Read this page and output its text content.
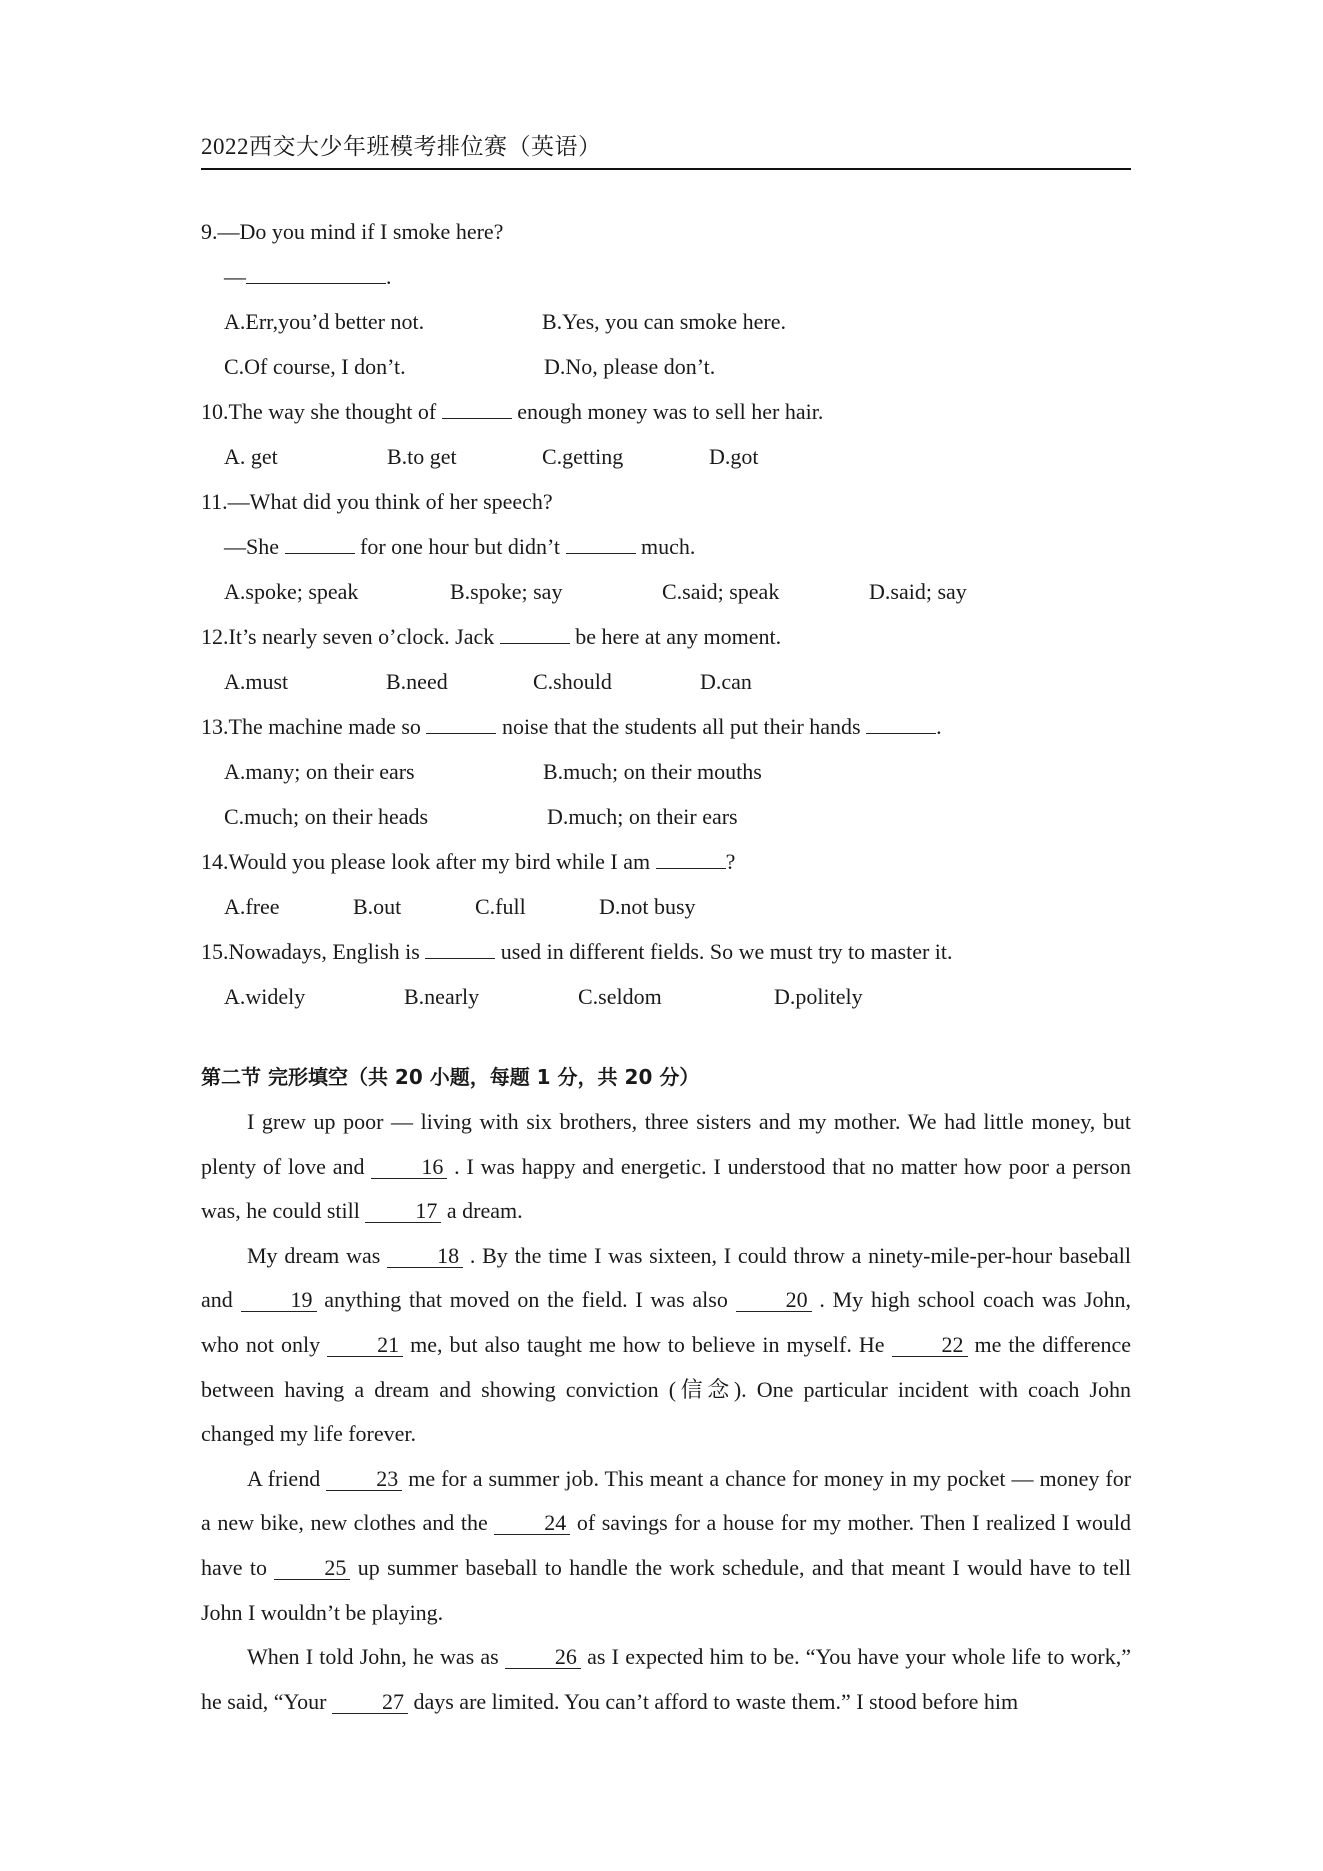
2022西交大少年班模考排位赛（英语）
9.—Do you mind if I smoke here?
—	.
A.Err,you’d better not.	B.Yes, you can smoke here.
C.Of course, I don’t.	D.No, please don’t.
10.The way she thought of	enough money was to sell her hair.
A. get	B.to get	C.getting	D.got
11.—What did you think of her speech?
—She	for one hour but didn’t	much.
A.spoke; speak	B.spoke; say	C.said; speak	D.said; say
12.It’s nearly seven o’clock. Jack	be here at any moment.
A.must	B.need	C.should	D.can
13.The machine made so	noise that the students all put their hands	.
A.many; on their ears	B.much; on their mouths
C.much; on their heads	D.much; on their ears
14.Would you please look after my bird while I am	?
A.free	B.out	C.full	D.not busy
15.Nowadays, English is	used in different fields. So we must try to master it.
A.widely	B.nearly	C.seldom	D.politely
第二节 完形填空（共 20 小题，每题 1 分，共 20 分）

I grew up poor — living with six brothers, three sisters and my mother. We had little money, but plenty of love and	16 . I was happy and energetic. I understood that no matter how poor a person was, he could still	17 a dream.

My dream was	18 . By the time I was sixteen, I could throw a ninety-mile-per-hour baseball and	19 anything that moved on the field. I was also	20 . My high school coach was John, who not only	21 me, but also taught me how to believe in myself. He	22 me the difference between having a dream and showing conviction (信念). One particular incident with coach John changed my life forever.

A friend	23 me for a summer job. This meant a chance for money in my pocket — money for a new bike, new clothes and the	24 of savings for a house for my mother. Then I realized I would have to	25 up summer baseball to handle the work schedule, and that meant I would have to tell John I wouldn’t be playing.

When I told John, he was as	26 as I expected him to be. “You have your whole life to work,” he said, “Your	27 days are limited. You can’t afford to waste them.” I stood before him
